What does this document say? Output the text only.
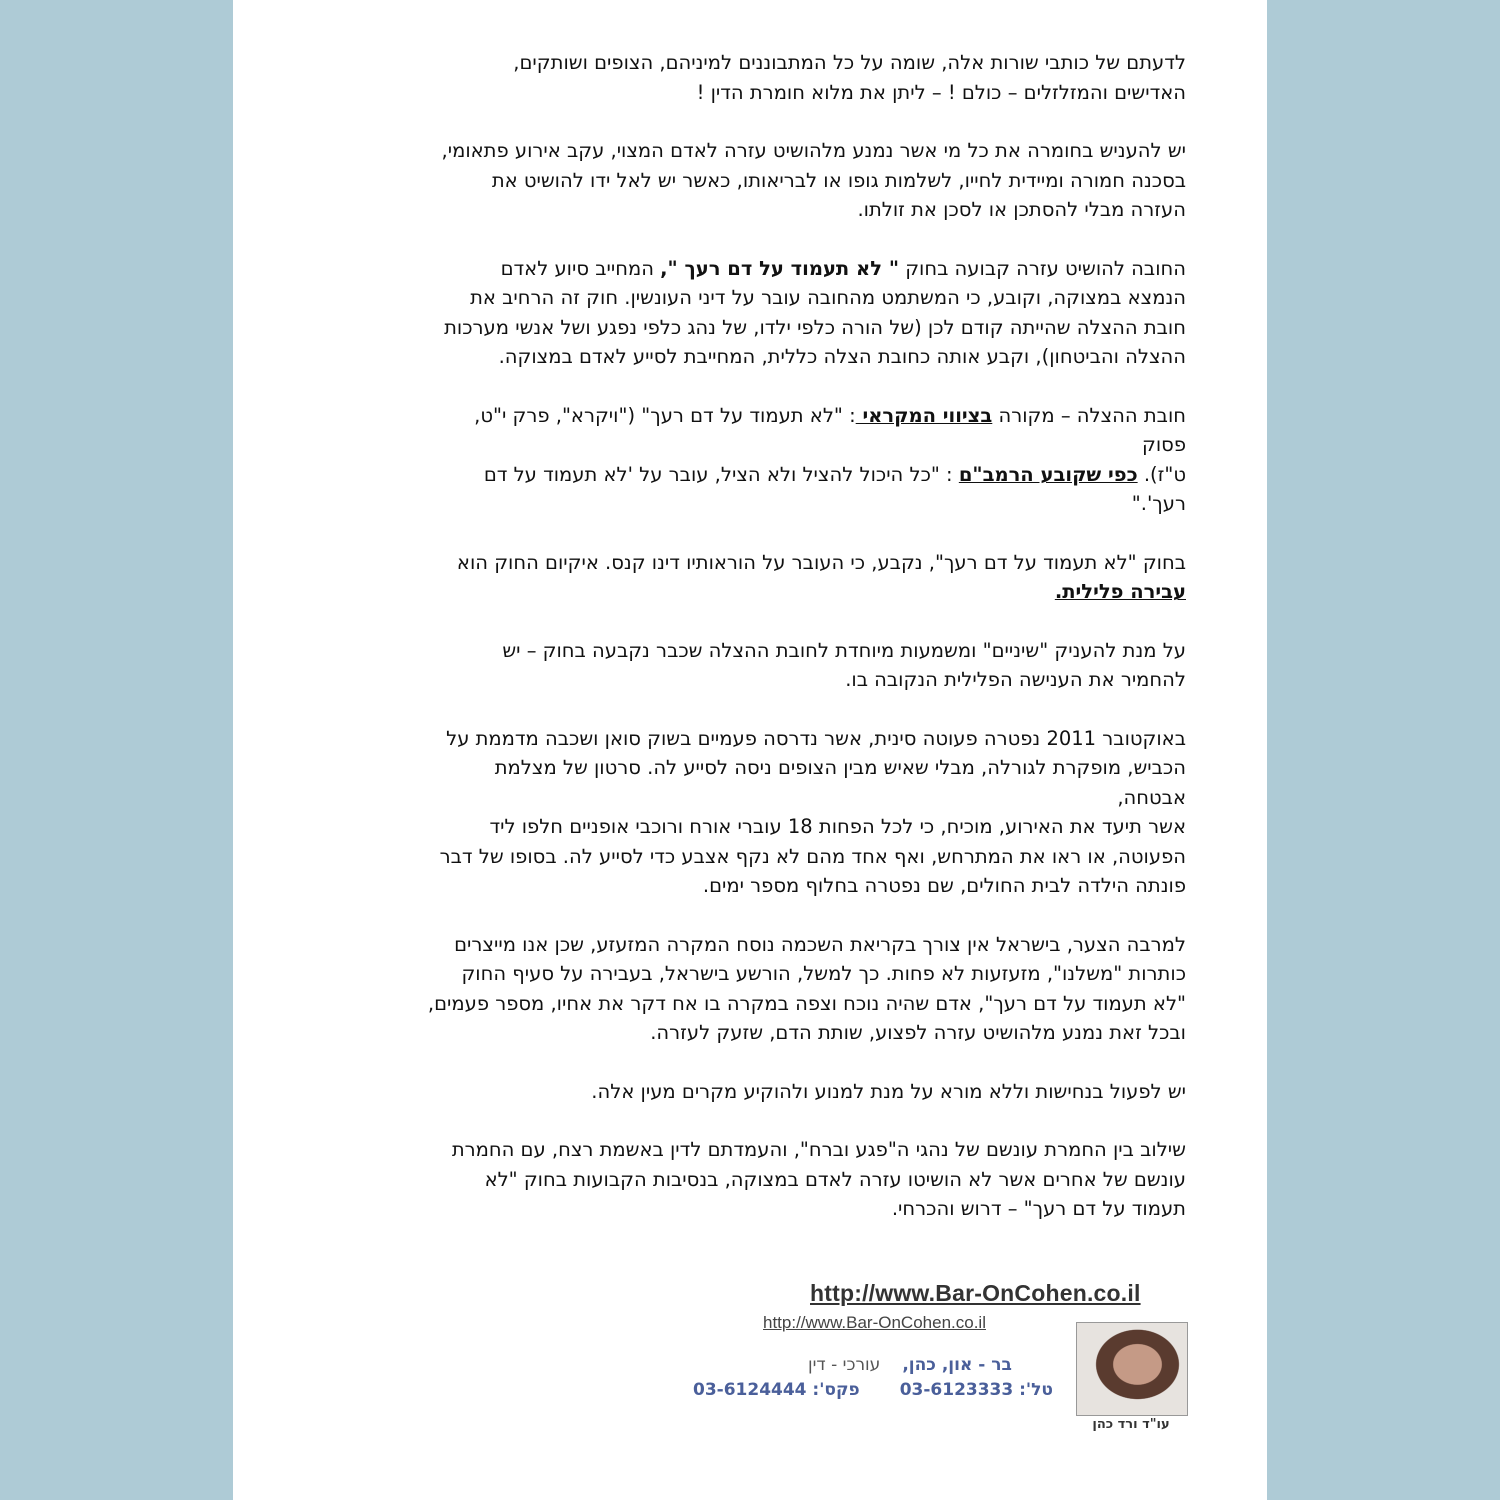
לדעתם של כותבי שורות אלה, שומה על כל המתבוננים למיניהם, הצופים ושותקים,
האדישים והמזלזלים – כולם ! – ליתן את מלוא חומרת הדין !

יש להעניש בחומרה את כל מי אשר נמנע מלהושיט עזרה לאדם המצוי, עקב אירוע פתאומי,
בסכנה חמורה ומיידית לחייו, לשלמות גופו או לבריאותו, כאשר יש לאל ידו להושיט את
העזרה מבלי להסתכן או לסכן את זולתו.

החובה להושיט עזרה קבועה בחוק " לא תעמוד על דם רעך ", המחייב סיוע לאדם
הנמצא במצוקה, וקובע, כי המשתמט מהחובה עובר על דיני העונשין. חוק זה הרחיב את
חובת ההצלה שהייתה קודם לכן (של הורה כלפי ילדו, של נהג כלפי נפגע ושל אנשי מערכות
ההצלה והביטחון), וקבע אותה כחובת הצלה כללית, המחייבת לסייע לאדם במצוקה.

חובת ההצלה – מקורה בציווי המקראי : "לא תעמוד על דם רעך" ("ויקרא", פרק י"ט,
פסוק
ט"ז). כפי שקובע הרמב"ם : "כל היכול להציל ולא הציל, עובר על 'לא תעמוד על דם
רעך'."

בחוק "לא תעמוד על דם רעך", נקבע, כי העובר על הוראותיו דינו קנס. איקיום החוק הוא
עבירה פלילית.

על מנת להעניק "שיניים" ומשמעות מיוחדת לחובת ההצלה שכבר נקבעה בחוק – יש
להחמיר את הענישה הפלילית הנקובה בו.

באוקטובר 2011 נפטרה פעוטה סינית, אשר נדרסה פעמיים בשוק סואן ושכבה מדממת על
הכביש, מופקרת לגורלה, מבלי שאיש מבין הצופים ניסה לסייע לה. סרטון של מצלמת
אבטחה,
אשר תיעד את האירוע, מוכיח, כי לכל הפחות 18 עוברי אורח ורוכבי אופניים חלפו ליד
הפעוטה, או ראו את המתרחש, ואף אחד מהם לא נקף אצבע כדי לסייע לה. בסופו של דבר
פונתה הילדה לבית החולים, שם נפטרה בחלוף מספר ימים.

למרבה הצער, בישראל אין צורך בקריאת השכמה נוסח המקרה המזעזע, שכן אנו מייצרים
כותרות "משלנו", מזעזעות לא פחות. כך למשל, הורשע בישראל, בעבירה על סעיף החוק
"לא תעמוד על דם רעך", אדם שהיה נוכח וצפה במקרה בו אח דקר את אחיו, מספר פעמים,
ובכל זאת נמנע מלהושיט עזרה לפצוע, שותת הדם, שזעק לעזרה.

יש לפעול בנחישות וללא מורא על מנת למנוע ולהוקיע מקרים מעין אלה.

שילוב בין החמרת עונשם של נהגי ה"פגע וברח", והעמדתם לדין באשמת רצח, עם החמרת
עונשם של אחרים אשר לא הושיטו עזרה לאדם במצוקה, בנסיבות הקבועות בחוק "לא
תעמוד על דם רעך" – דרוש והכרחי.

http://www.Bar-OnCohen.co.il
http://www.Bar-OnCohen.co.il
עו"ד ורד כהן
בר - און, כהן,עורכי - דין
טל': 03-6123333פקס': 03-6124444
